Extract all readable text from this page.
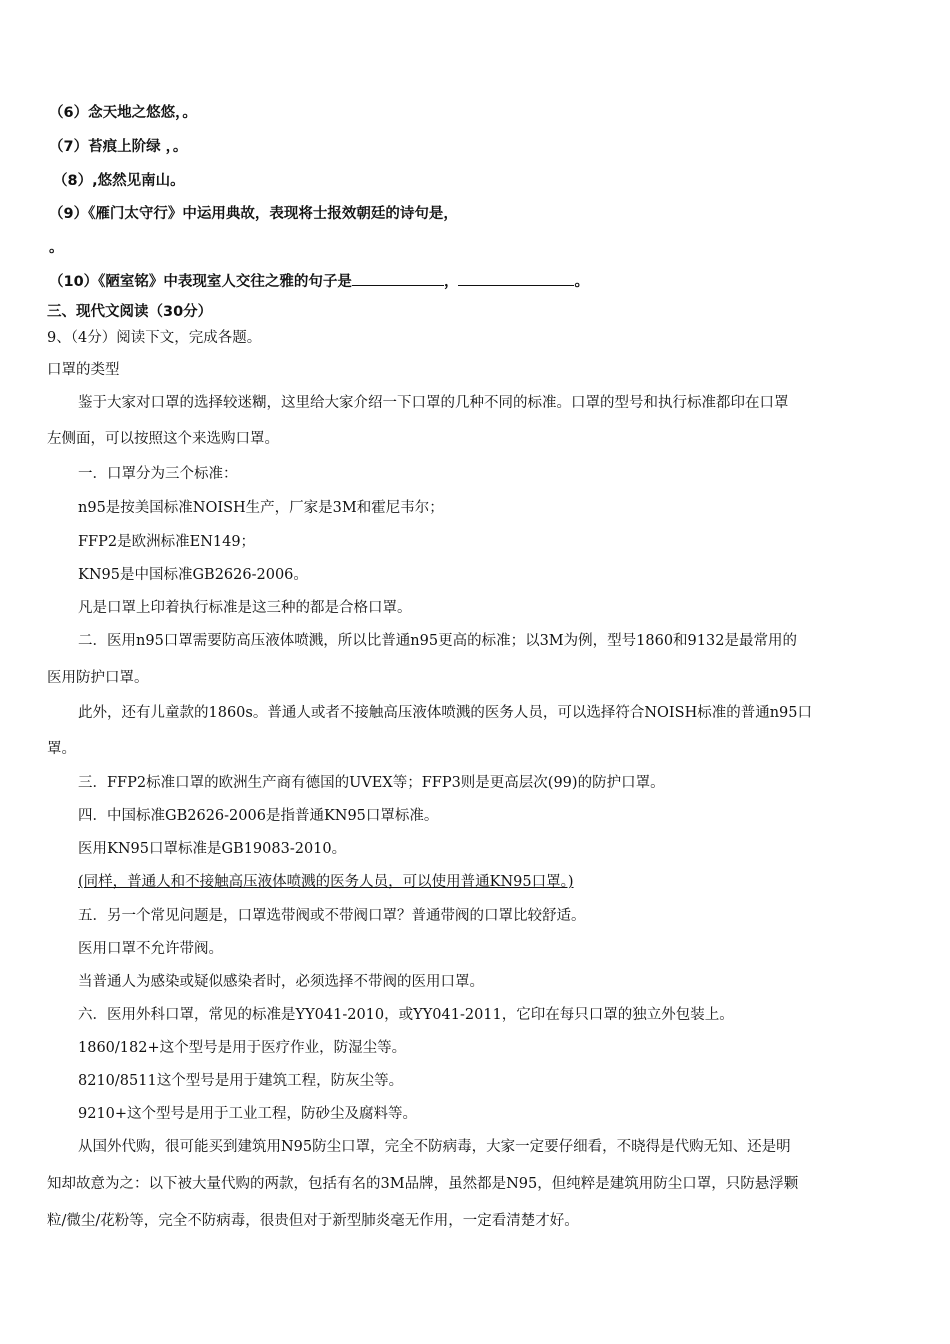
（6）念天地之悠悠，。
（7）苔痕上阶绿 ，。
（8）,悠然见南山。
（9）《雁门太守行》中运用典故，表现将士报效朝廷的诗句是，
。
（10）《陋室铭》中表现室人交往之雅的句子是	，	。
三、现代文阅读（30分）
9、（4分）阅读下文，完成各题。
口罩的类型
鉴于大家对口罩的选择较迷糊，这里给大家介绍一下口罩的几种不同的标准。口罩的型号和执行标准都印在口罩
左侧面，可以按照这个来选购口罩。
一．口罩分为三个标准：
n95是按美国标准NOISH生产，厂家是3M和霍尼韦尔；
FFP2是欧洲标准EN149；
KN95是中国标准GB2626-2006。
凡是口罩上印着执行标准是这三种的都是合格口罩。
二．医用n95口罩需要防高压液体喷溅，所以比普通n95更高的标准；以3M为例，型号1860和9132是最常用的
医用防护口罩。
此外，还有儿童款的1860s。普通人或者不接触高压液体喷溅的医务人员，可以选择符合NOISH标准的普通n95口
罩。
三．FFP2标准口罩的欧洲生产商有德国的UVEX等；FFP3则是更高层次(99)的防护口罩。
四．中国标准GB2626-2006是指普通KN95口罩标准。
医用KN95口罩标准是GB19083-2010。
(同样，普通人和不接触高压液体喷溅的医务人员，可以使用普通KN95口罩。)
五．另一个常见问题是，口罩选带阀或不带阀口罩？普通带阀的口罩比较舒适。
医用口罩不允许带阀。
当普通人为感染或疑似感染者时，必须选择不带阀的医用口罩。
六．医用外科口罩，常见的标准是YY041-2010，或YY041-2011，它印在每只口罩的独立外包装上。
1860/182+这个型号是用于医疗作业，防湿尘等。
8210/8511这个型号是用于建筑工程，防灰尘等。
9210+这个型号是用于工业工程，防砂尘及腐料等。
从国外代购，很可能买到建筑用N95防尘口罩，完全不防病毒，大家一定要仔细看，不晓得是代购无知、还是明
知却故意为之：以下被大量代购的两款，包括有名的3M品牌，虽然都是N95，但纯粹是建筑用防尘口罩，只防悬浮颗
粒/微尘/花粉等，完全不防病毒，很贵但对于新型肺炎毫无作用，一定看清楚才好。
